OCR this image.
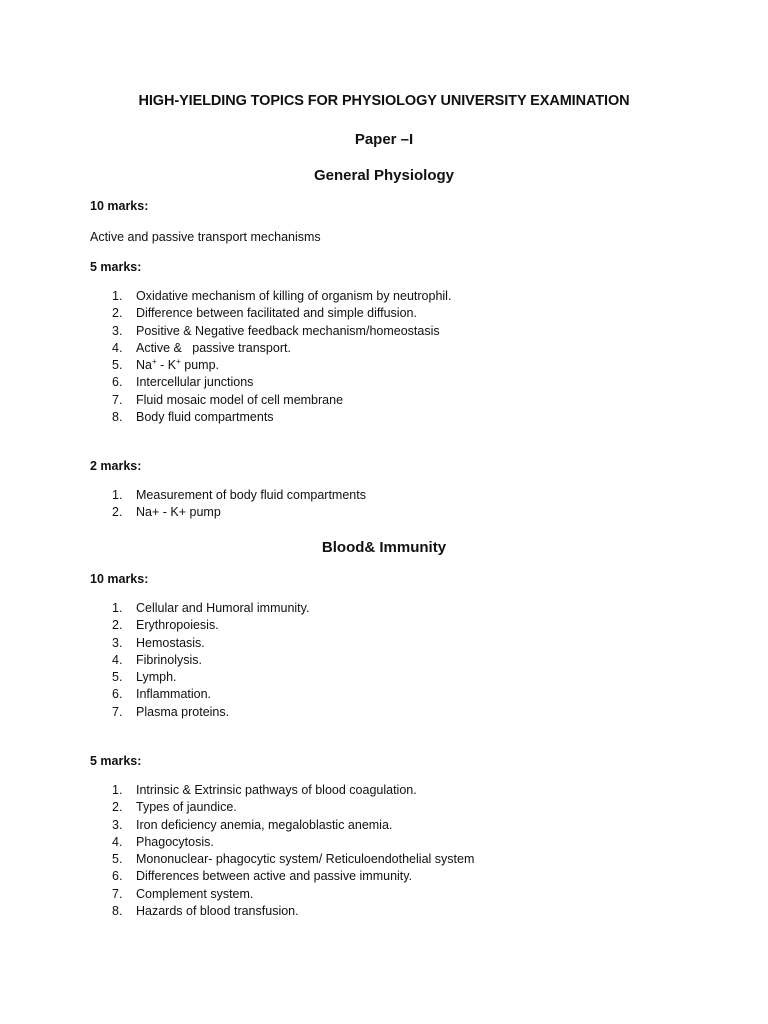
HIGH-YIELDING TOPICS FOR PHYSIOLOGY UNIVERSITY EXAMINATION
Paper –I
General Physiology
10 marks:
Active and passive transport mechanisms
5 marks:
1.	Oxidative mechanism of killing of organism by neutrophil.
2.	Difference between facilitated and simple diffusion.
3.	Positive & Negative feedback mechanism/homeostasis
4.	Active &   passive transport.
5.	Na+ - K+ pump.
6.	Intercellular junctions
7.	Fluid mosaic model of cell membrane
8.	Body fluid compartments
2 marks:
1.	Measurement of body fluid compartments
2.	Na+ - K+ pump
Blood& Immunity
10 marks:
1.	Cellular and Humoral immunity.
2.	Erythropoiesis.
3.	Hemostasis.
4.	Fibrinolysis.
5.	Lymph.
6.	Inflammation.
7.	Plasma proteins.
5 marks:
1.	Intrinsic & Extrinsic pathways of blood coagulation.
2.	Types of jaundice.
3.	Iron deficiency anemia, megaloblastic anemia.
4.	Phagocytosis.
5.	Mononuclear- phagocytic system/ Reticuloendothelial system
6.	Differences between active and passive immunity.
7.	Complement system.
8.	Hazards of blood transfusion.
